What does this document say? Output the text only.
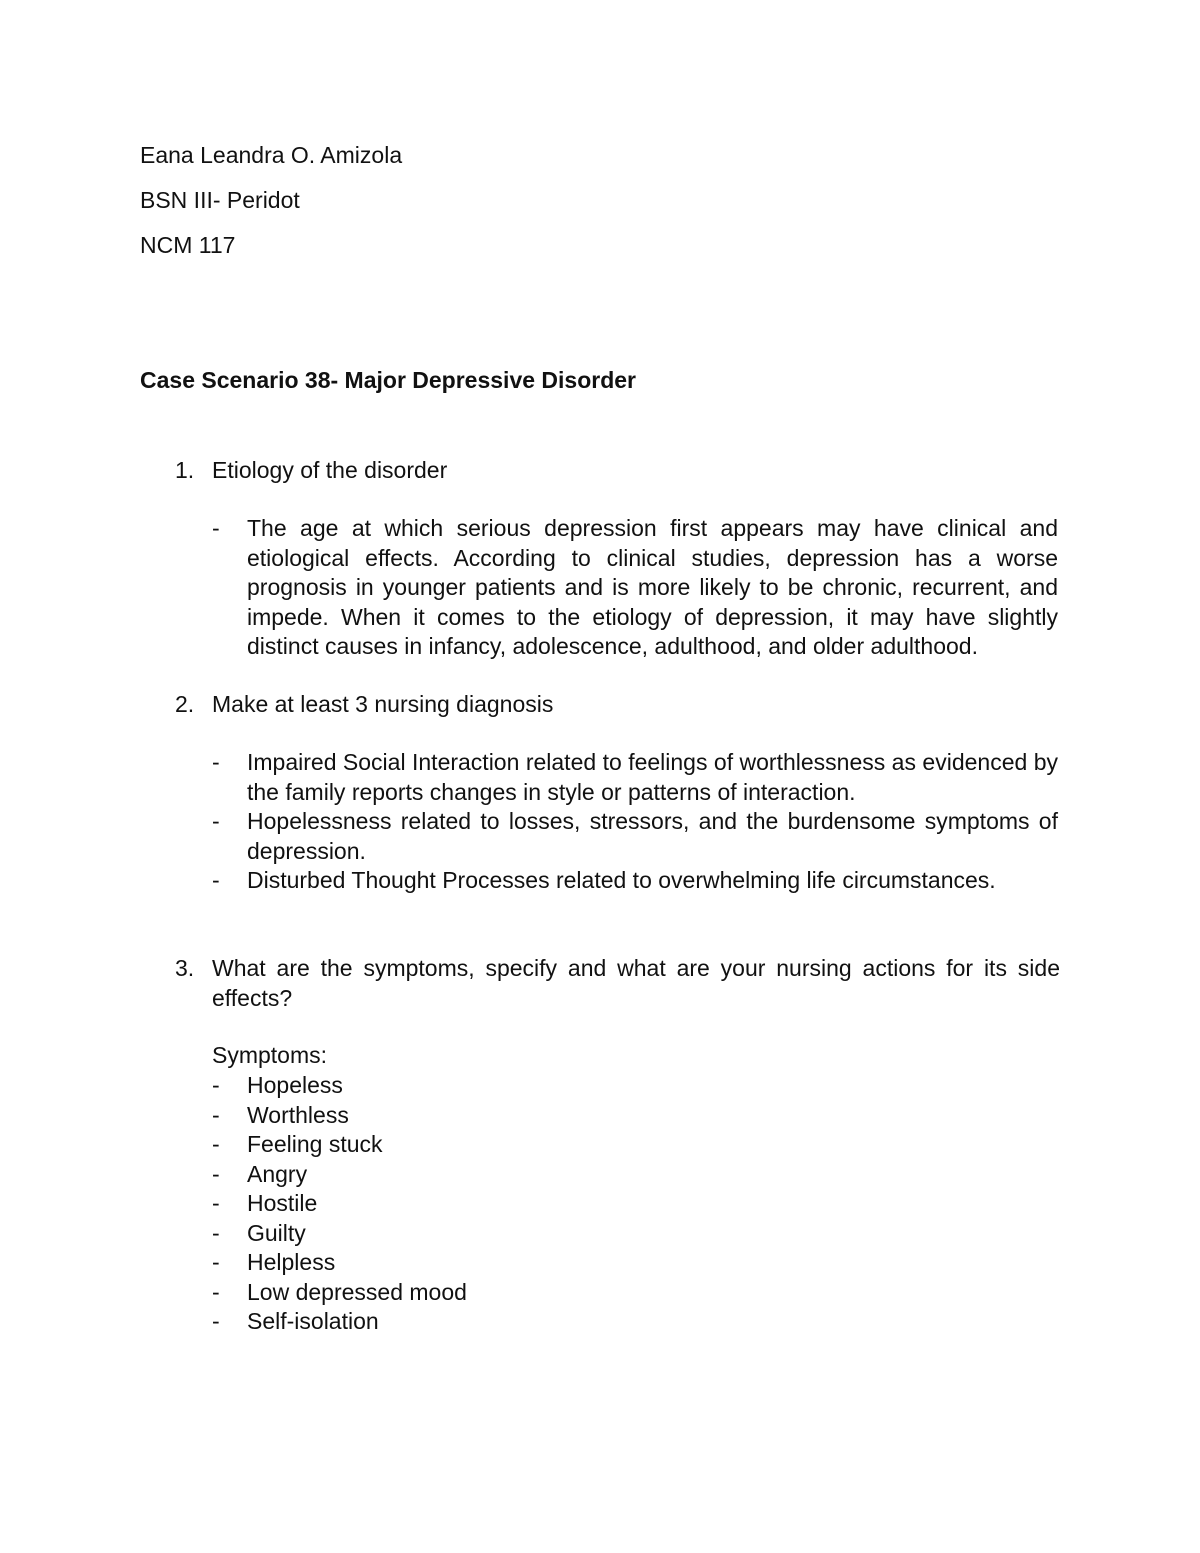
Eana Leandra O. Amizola
BSN III- Peridot
NCM 117
Case Scenario 38- Major Depressive Disorder
1. Etiology of the disorder
- The age at which serious depression first appears may have clinical and etiological effects. According to clinical studies, depression has a worse prognosis in younger patients and is more likely to be chronic, recurrent, and impede. When it comes to the etiology of depression, it may have slightly distinct causes in infancy, adolescence, adulthood, and older adulthood.
2. Make at least 3 nursing diagnosis
- Impaired Social Interaction related to feelings of worthlessness as evidenced by the family reports changes in style or patterns of interaction.
- Hopelessness related to losses, stressors, and the burdensome symptoms of depression.
- Disturbed Thought Processes related to overwhelming life circumstances.
3. What are the symptoms, specify and what are your nursing actions for its side effects?
Symptoms:
- Hopeless
- Worthless
- Feeling stuck
- Angry
- Hostile
- Guilty
- Helpless
- Low depressed mood
- Self-isolation
